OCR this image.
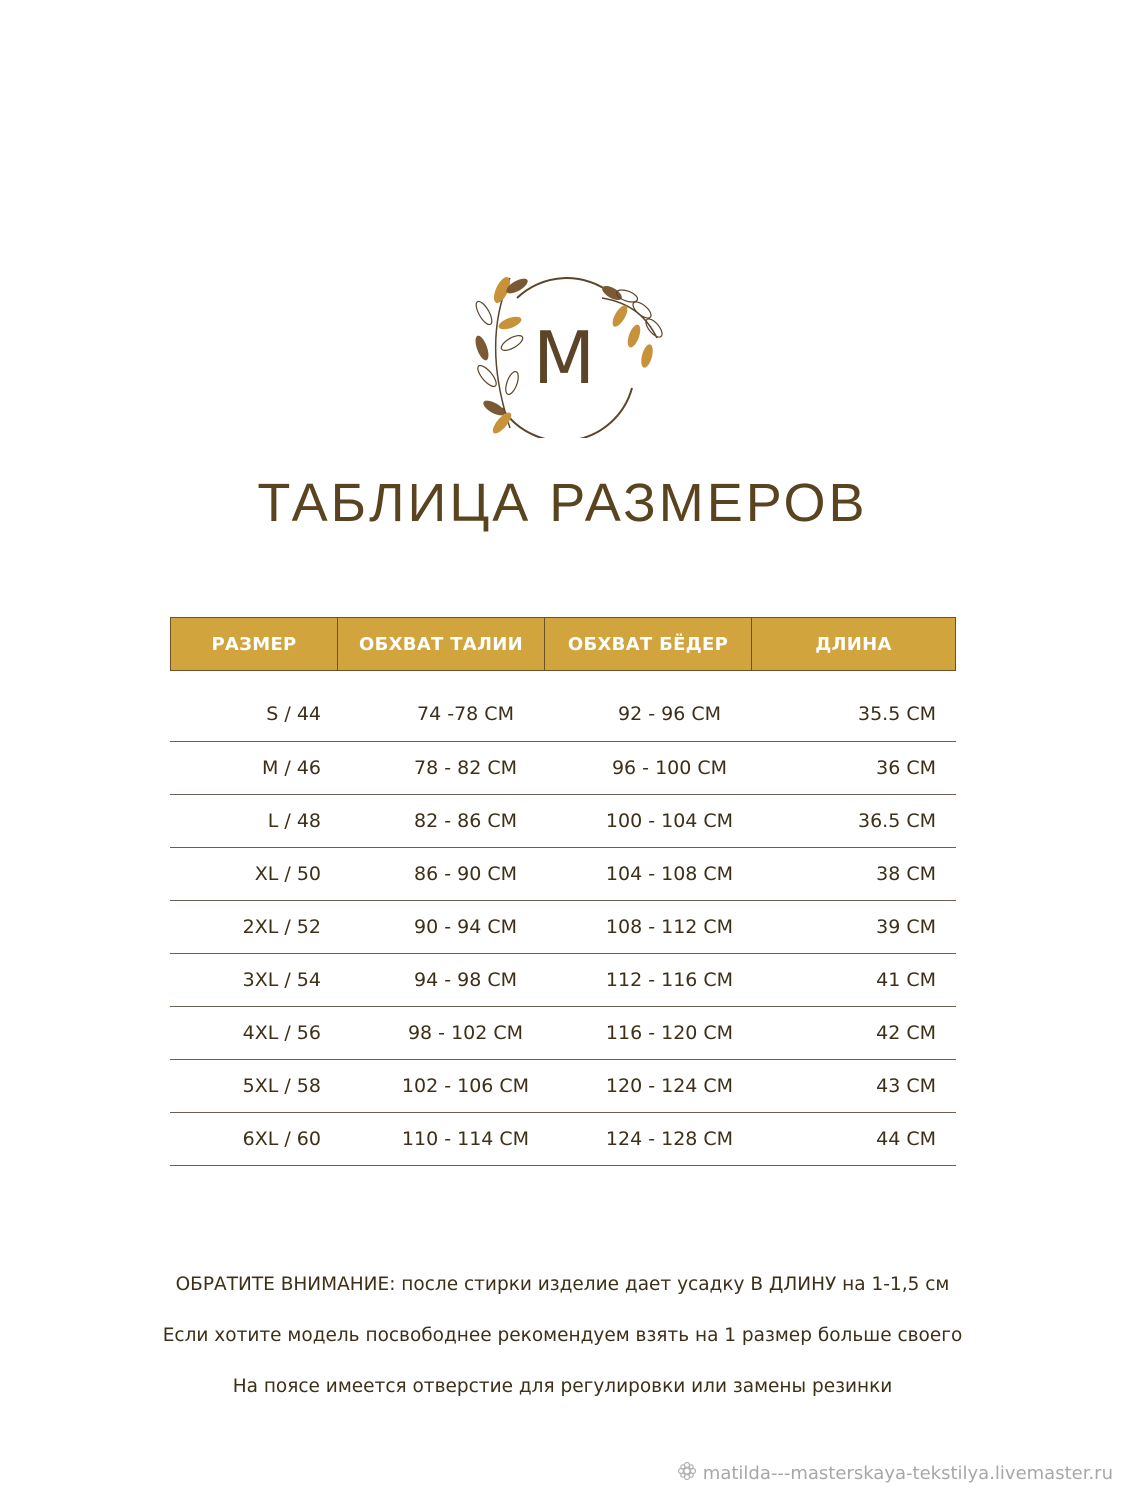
M
ТАБЛИЦА РАЗМЕРОВ
РАЗМЕР	ОБХВАТ ТАЛИИ	ОБХВАТ БЁДЕР	ДЛИНА
S / 44	74 -78 СМ	92 - 96 СМ	35.5 СМ
M / 46	78 - 82 СМ	96 - 100 СМ	36 СМ
L / 48	82 - 86 СМ	100 - 104 СМ	36.5 СМ
XL / 50	86 - 90 СМ	104 - 108 СМ	38 СМ
2XL / 52	90 - 94 СМ	108 - 112 СМ	39 СМ
3XL / 54	94 - 98 СМ	112 - 116 СМ	41 СМ
4XL / 56	98 - 102 СМ	116 - 120 СМ	42 СМ
5XL / 58	102 - 106 СМ	120 - 124 СМ	43 СМ
6XL / 60	110 - 114 СМ	124 - 128 СМ	44 СМ

ОБРАТИТЕ ВНИМАНИЕ: после стирки изделие дает усадку В ДЛИНУ на 1-1,5 см

Если хотите модель посвободнее рекомендуем взять на 1 размер больше своего

На поясе имеется отверстие для регулировки или замены резинки

matilda---masterskaya-tekstilya.livemaster.ru
